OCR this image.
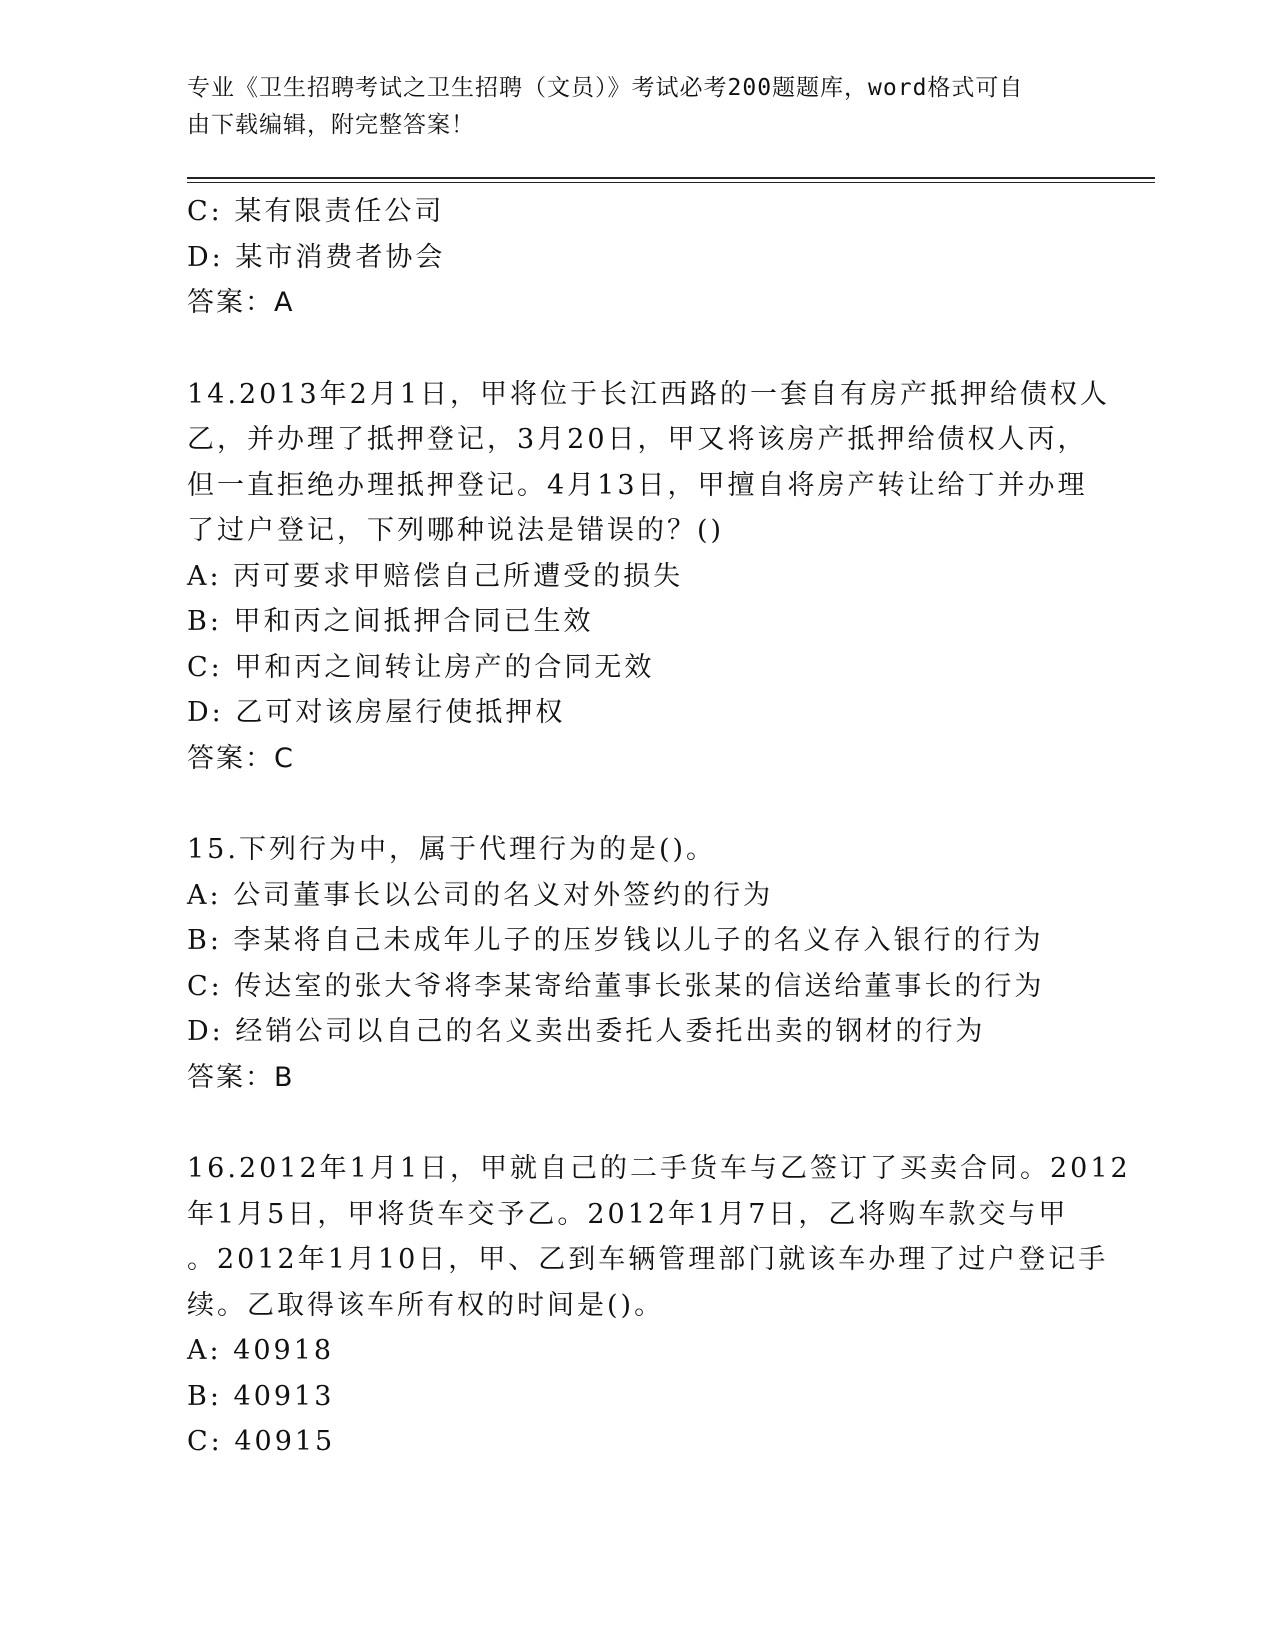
专业《卫生招聘考试之卫生招聘（文员）》考试必考200题题库，word格式可自
由下载编辑，附完整答案！
C: 某有限责任公司
D: 某市消费者协会
答案：A
14.2013年2月1日，甲将位于长江西路的一套自有房产抵押给债权人
乙，并办理了抵押登记，3月20日，甲又将该房产抵押给债权人丙，
但一直拒绝办理抵押登记。4月13日，甲擅自将房产转让给丁并办理
了过户登记，下列哪种说法是错误的？()
A: 丙可要求甲赔偿自己所遭受的损失
B: 甲和丙之间抵押合同已生效
C: 甲和丙之间转让房产的合同无效
D: 乙可对该房屋行使抵押权
答案：C
15.下列行为中，属于代理行为的是()。
A: 公司董事长以公司的名义对外签约的行为
B: 李某将自己未成年儿子的压岁钱以儿子的名义存入银行的行为
C: 传达室的张大爷将李某寄给董事长张某的信送给董事长的行为
D: 经销公司以自己的名义卖出委托人委托出卖的钢材的行为
答案：B
16.2012年1月1日，甲就自己的二手货车与乙签订了买卖合同。2012
年1月5日，甲将货车交予乙。2012年1月7日，乙将购车款交与甲
。2012年1月10日，甲、乙到车辆管理部门就该车办理了过户登记手
续。乙取得该车所有权的时间是()。
A: 40918
B: 40913
C: 40915
